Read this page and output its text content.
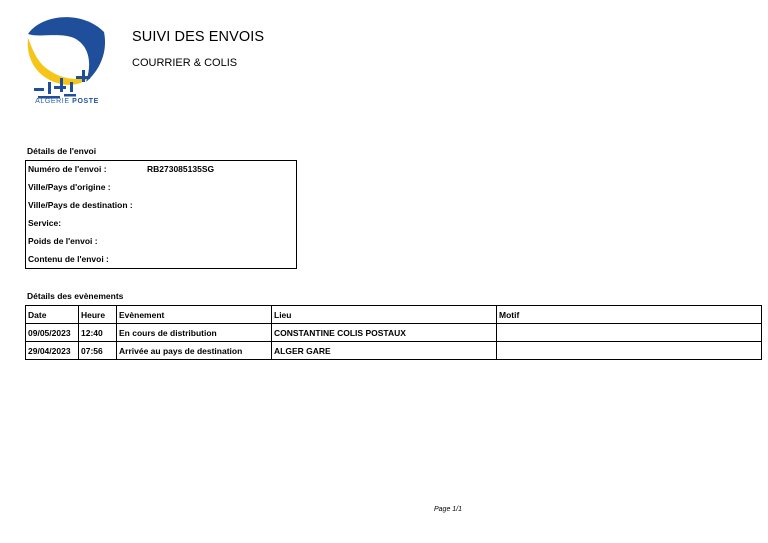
ALGÉRIE POSTE
SUIVI DES ENVOIS
COURRIER & COLIS
Détails de l'envoi
Numéro de l'envoi :	RB273085135SG
Ville/Pays d'origine :
Ville/Pays de destination :
Service:
Poids de l'envoi :
Contenu de l'envoi :
Détails des evènements
Date	Heure	Evènement	Lieu	Motif
09/05/2023	12:40	En cours de distribution	CONSTANTINE COLIS POSTAUX	
29/04/2023	07:56	Arrivée au pays de destination	ALGER GARE	
Page 1/1
